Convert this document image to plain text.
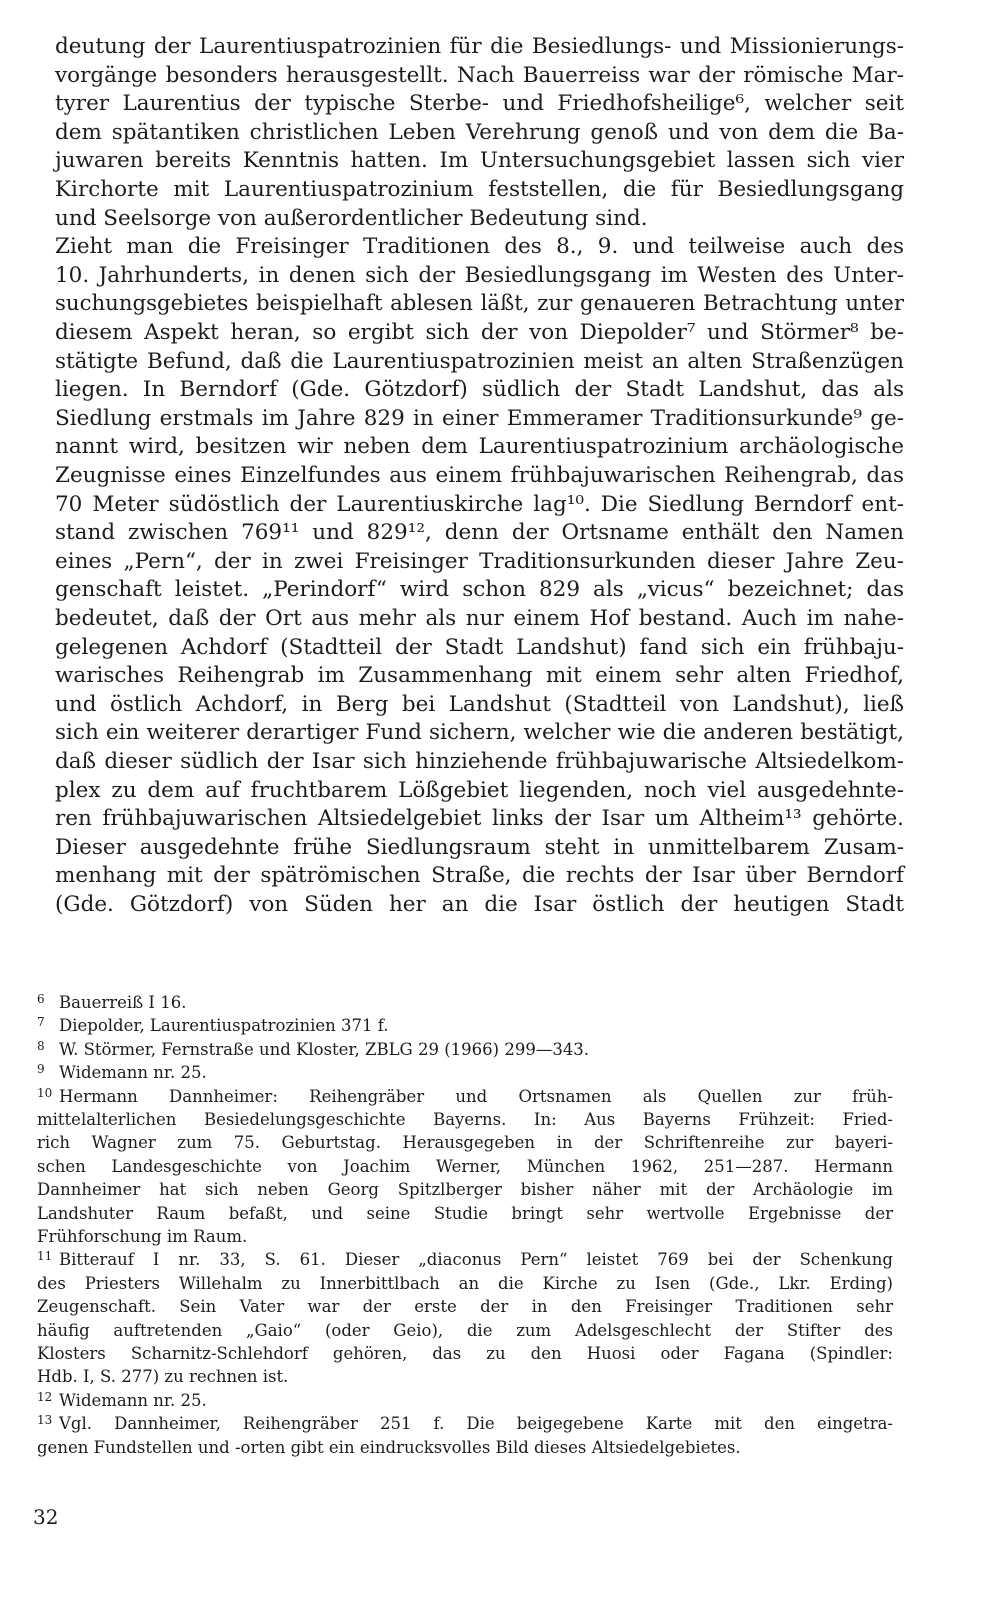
deutung der Laurentiuspatrozinien für die Besiedlungs- und Missionierungs-
vorgänge besonders herausgestellt. Nach Bauerreiss war der römische Mar-
tyrer Laurentius der typische Sterbe- und Friedhofsheilige⁶, welcher seit
dem spätantiken christlichen Leben Verehrung genoß und von dem die Ba-
juwaren bereits Kenntnis hatten. Im Untersuchungsgebiet lassen sich vier
Kirchorte mit Laurentiuspatrozinium feststellen, die für Besiedlungsgang
und Seelsorge von außerordentlicher Bedeutung sind.
Zieht man die Freisinger Traditionen des 8., 9. und teilweise auch des
10. Jahrhunderts, in denen sich der Besiedlungsgang im Westen des Unter-
suchungsgebietes beispielhaft ablesen läßt, zur genaueren Betrachtung unter
diesem Aspekt heran, so ergibt sich der von Diepolder⁷ und Störmer⁸ be-
stätigte Befund, daß die Laurentiuspatrozinien meist an alten Straßenzügen
liegen. In Berndorf (Gde. Götzdorf) südlich der Stadt Landshut, das als
Siedlung erstmals im Jahre 829 in einer Emmeramer Traditionsurkunde⁹ ge-
nannt wird, besitzen wir neben dem Laurentiuspatrozinium archäologische
Zeugnisse eines Einzelfundes aus einem frühbajuwarischen Reihengrab, das
70 Meter südöstlich der Laurentiuskirche lag¹⁰. Die Siedlung Berndorf ent-
stand zwischen 769¹¹ und 829¹², denn der Ortsname enthält den Namen
eines „Pern“, der in zwei Freisinger Traditionsurkunden dieser Jahre Zeu-
genschaft leistet. „Perindorf“ wird schon 829 als „vicus“ bezeichnet; das
bedeutet, daß der Ort aus mehr als nur einem Hof bestand. Auch im nahe-
gelegenen Achdorf (Stadtteil der Stadt Landshut) fand sich ein frühbaju-
warisches Reihengrab im Zusammenhang mit einem sehr alten Friedhof,
und östlich Achdorf, in Berg bei Landshut (Stadtteil von Landshut), ließ
sich ein weiterer derartiger Fund sichern, welcher wie die anderen bestätigt,
daß dieser südlich der Isar sich hinziehende frühbajuwarische Altsiedelkom-
plex zu dem auf fruchtbarem Lößgebiet liegenden, noch viel ausgedehnte-
ren frühbajuwarischen Altsiedelgebiet links der Isar um Altheim¹³ gehörte.
Dieser ausgedehnte frühe Siedlungsraum steht in unmittelbarem Zusam-
menhang mit der spätrömischen Straße, die rechts der Isar über Berndorf
(Gde. Götzdorf) von Süden her an die Isar östlich der heutigen Stadt
6 Bauerreiß I 16.
7 Diepolder, Laurentiuspatrozinien 371 f.
8 W. Störmer, Fernstraße und Kloster, ZBLG 29 (1966) 299—343.
9 Widemann nr. 25.
10 Hermann Dannheimer: Reihengräber und Ortsnamen als Quellen zur früh-
mittelalterlichen Besiedelungsgeschichte Bayerns. In: Aus Bayerns Frühzeit: Fried-
rich Wagner zum 75. Geburtstag. Herausgegeben in der Schriftenreihe zur bayeri-
schen Landesgeschichte von Joachim Werner, München 1962, 251—287. Hermann
Dannheimer hat sich neben Georg Spitzlberger bisher näher mit der Archäologie im
Landshuter Raum befaßt, und seine Studie bringt sehr wertvolle Ergebnisse der
Frühforschung im Raum.
11 Bitterauf I nr. 33, S. 61. Dieser „diaconus Pern“ leistet 769 bei der Schenkung
des Priesters Willehalm zu Innerbittlbach an die Kirche zu Isen (Gde., Lkr. Erding)
Zeugenschaft. Sein Vater war der erste der in den Freisinger Traditionen sehr
häufig auftretenden „Gaio“ (oder Geio), die zum Adelsgeschlecht der Stifter des
Klosters Scharnitz-Schlehdorf gehören, das zu den Huosi oder Fagana (Spindler:
Hdb. I, S. 277) zu rechnen ist.
12 Widemann nr. 25.
13 Vgl. Dannheimer, Reihengräber 251 f. Die beigegebene Karte mit den eingetra-
genen Fundstellen und -orten gibt ein eindrucksvolles Bild dieses Altsiedelgebietes.
32
